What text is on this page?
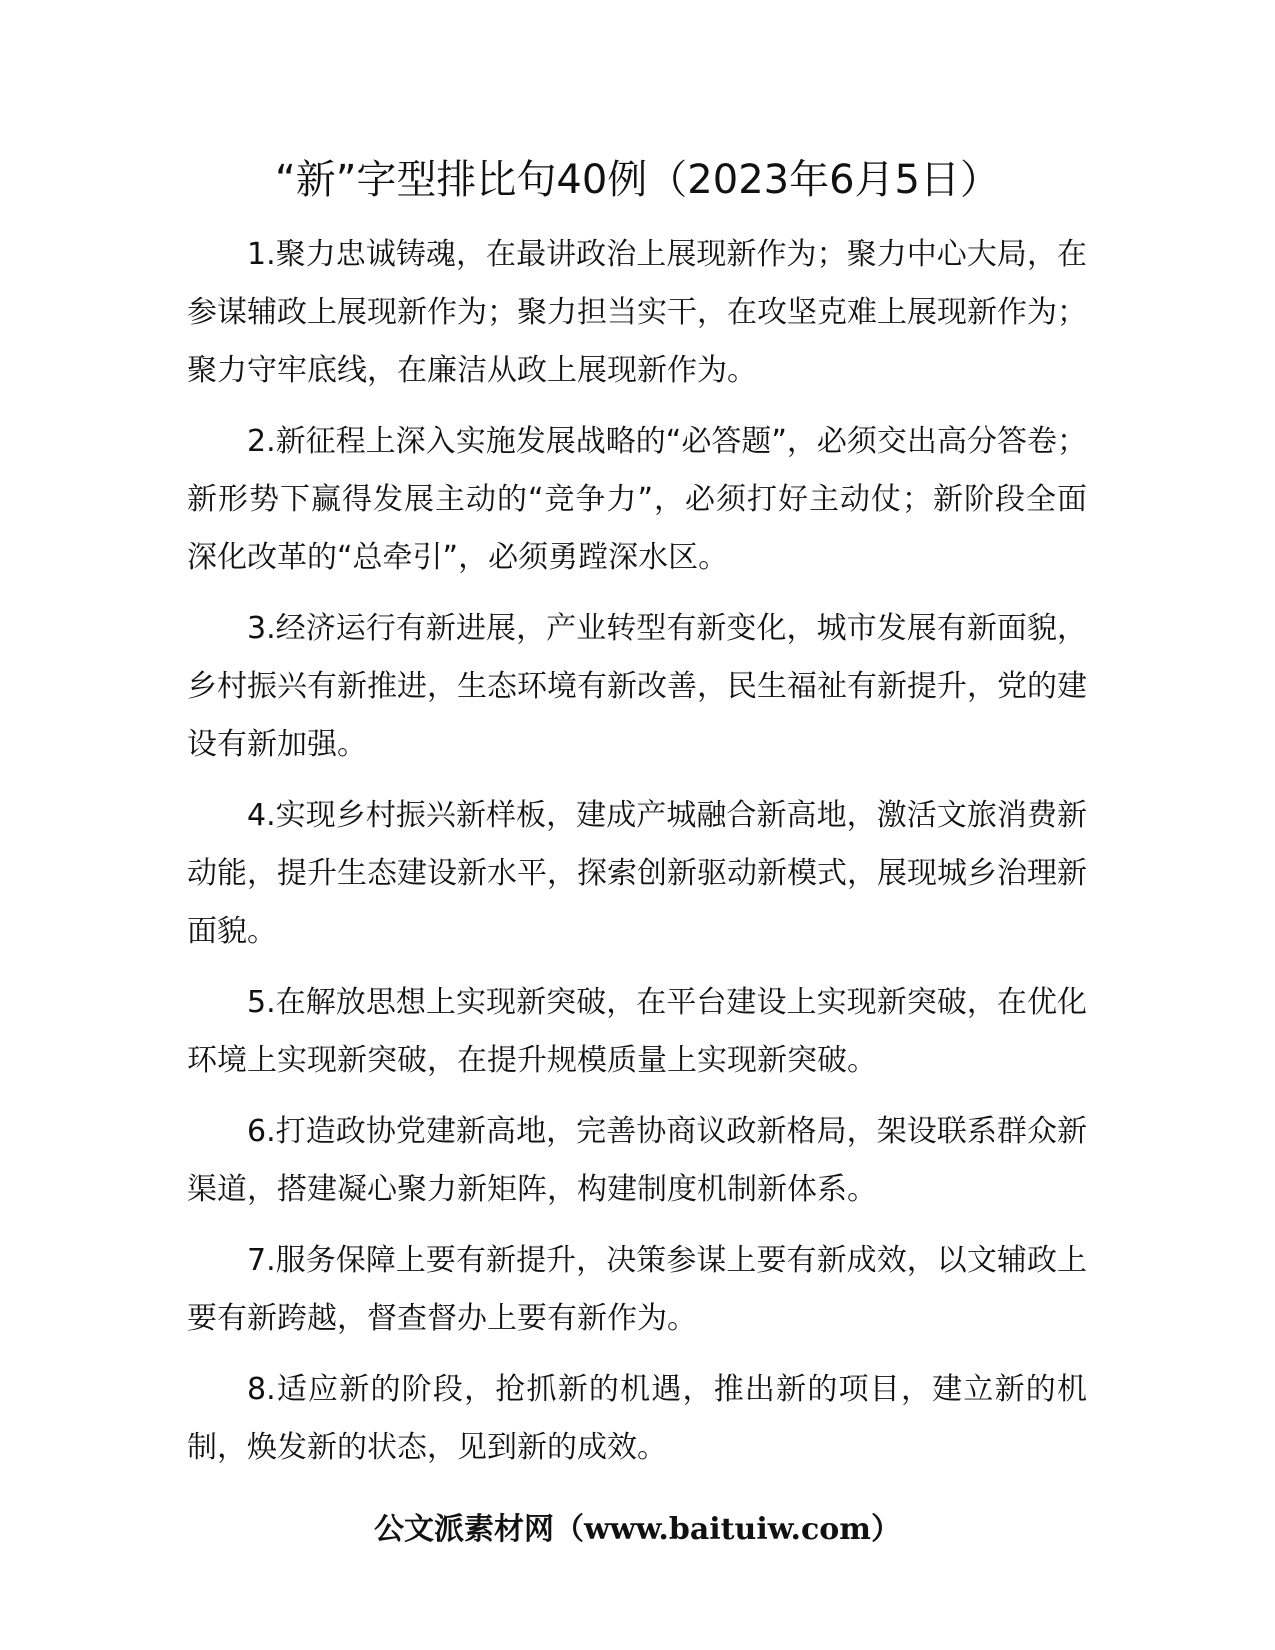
“新”字型排比句40例（2023年6月5日）

1.聚力忠诚铸魂，在最讲政治上展现新作为；聚力中心大局，在参谋辅政上展现新作为；聚力担当实干，在攻坚克难上展现新作为；聚力守牢底线，在廉洁从政上展现新作为。

2.新征程上深入实施发展战略的“必答题”，必须交出高分答卷；新形势下赢得发展主动的“竞争力”，必须打好主动仗；新阶段全面深化改革的“总牵引”，必须勇蹚深水区。

3.经济运行有新进展，产业转型有新变化，城市发展有新面貌，乡村振兴有新推进，生态环境有新改善，民生福祉有新提升，党的建设有新加强。

4.实现乡村振兴新样板，建成产城融合新高地，激活文旅消费新动能，提升生态建设新水平，探索创新驱动新模式，展现城乡治理新面貌。

5.在解放思想上实现新突破，在平台建设上实现新突破，在优化环境上实现新突破，在提升规模质量上实现新突破。

6.打造政协党建新高地，完善协商议政新格局，架设联系群众新渠道，搭建凝心聚力新矩阵，构建制度机制新体系。

7.服务保障上要有新提升，决策参谋上要有新成效，以文辅政上要有新跨越，督查督办上要有新作为。

8.适应新的阶段，抢抓新的机遇，推出新的项目，建立新的机制，焕发新的状态，见到新的成效。

公文派素材网（www.baituiw.com）
